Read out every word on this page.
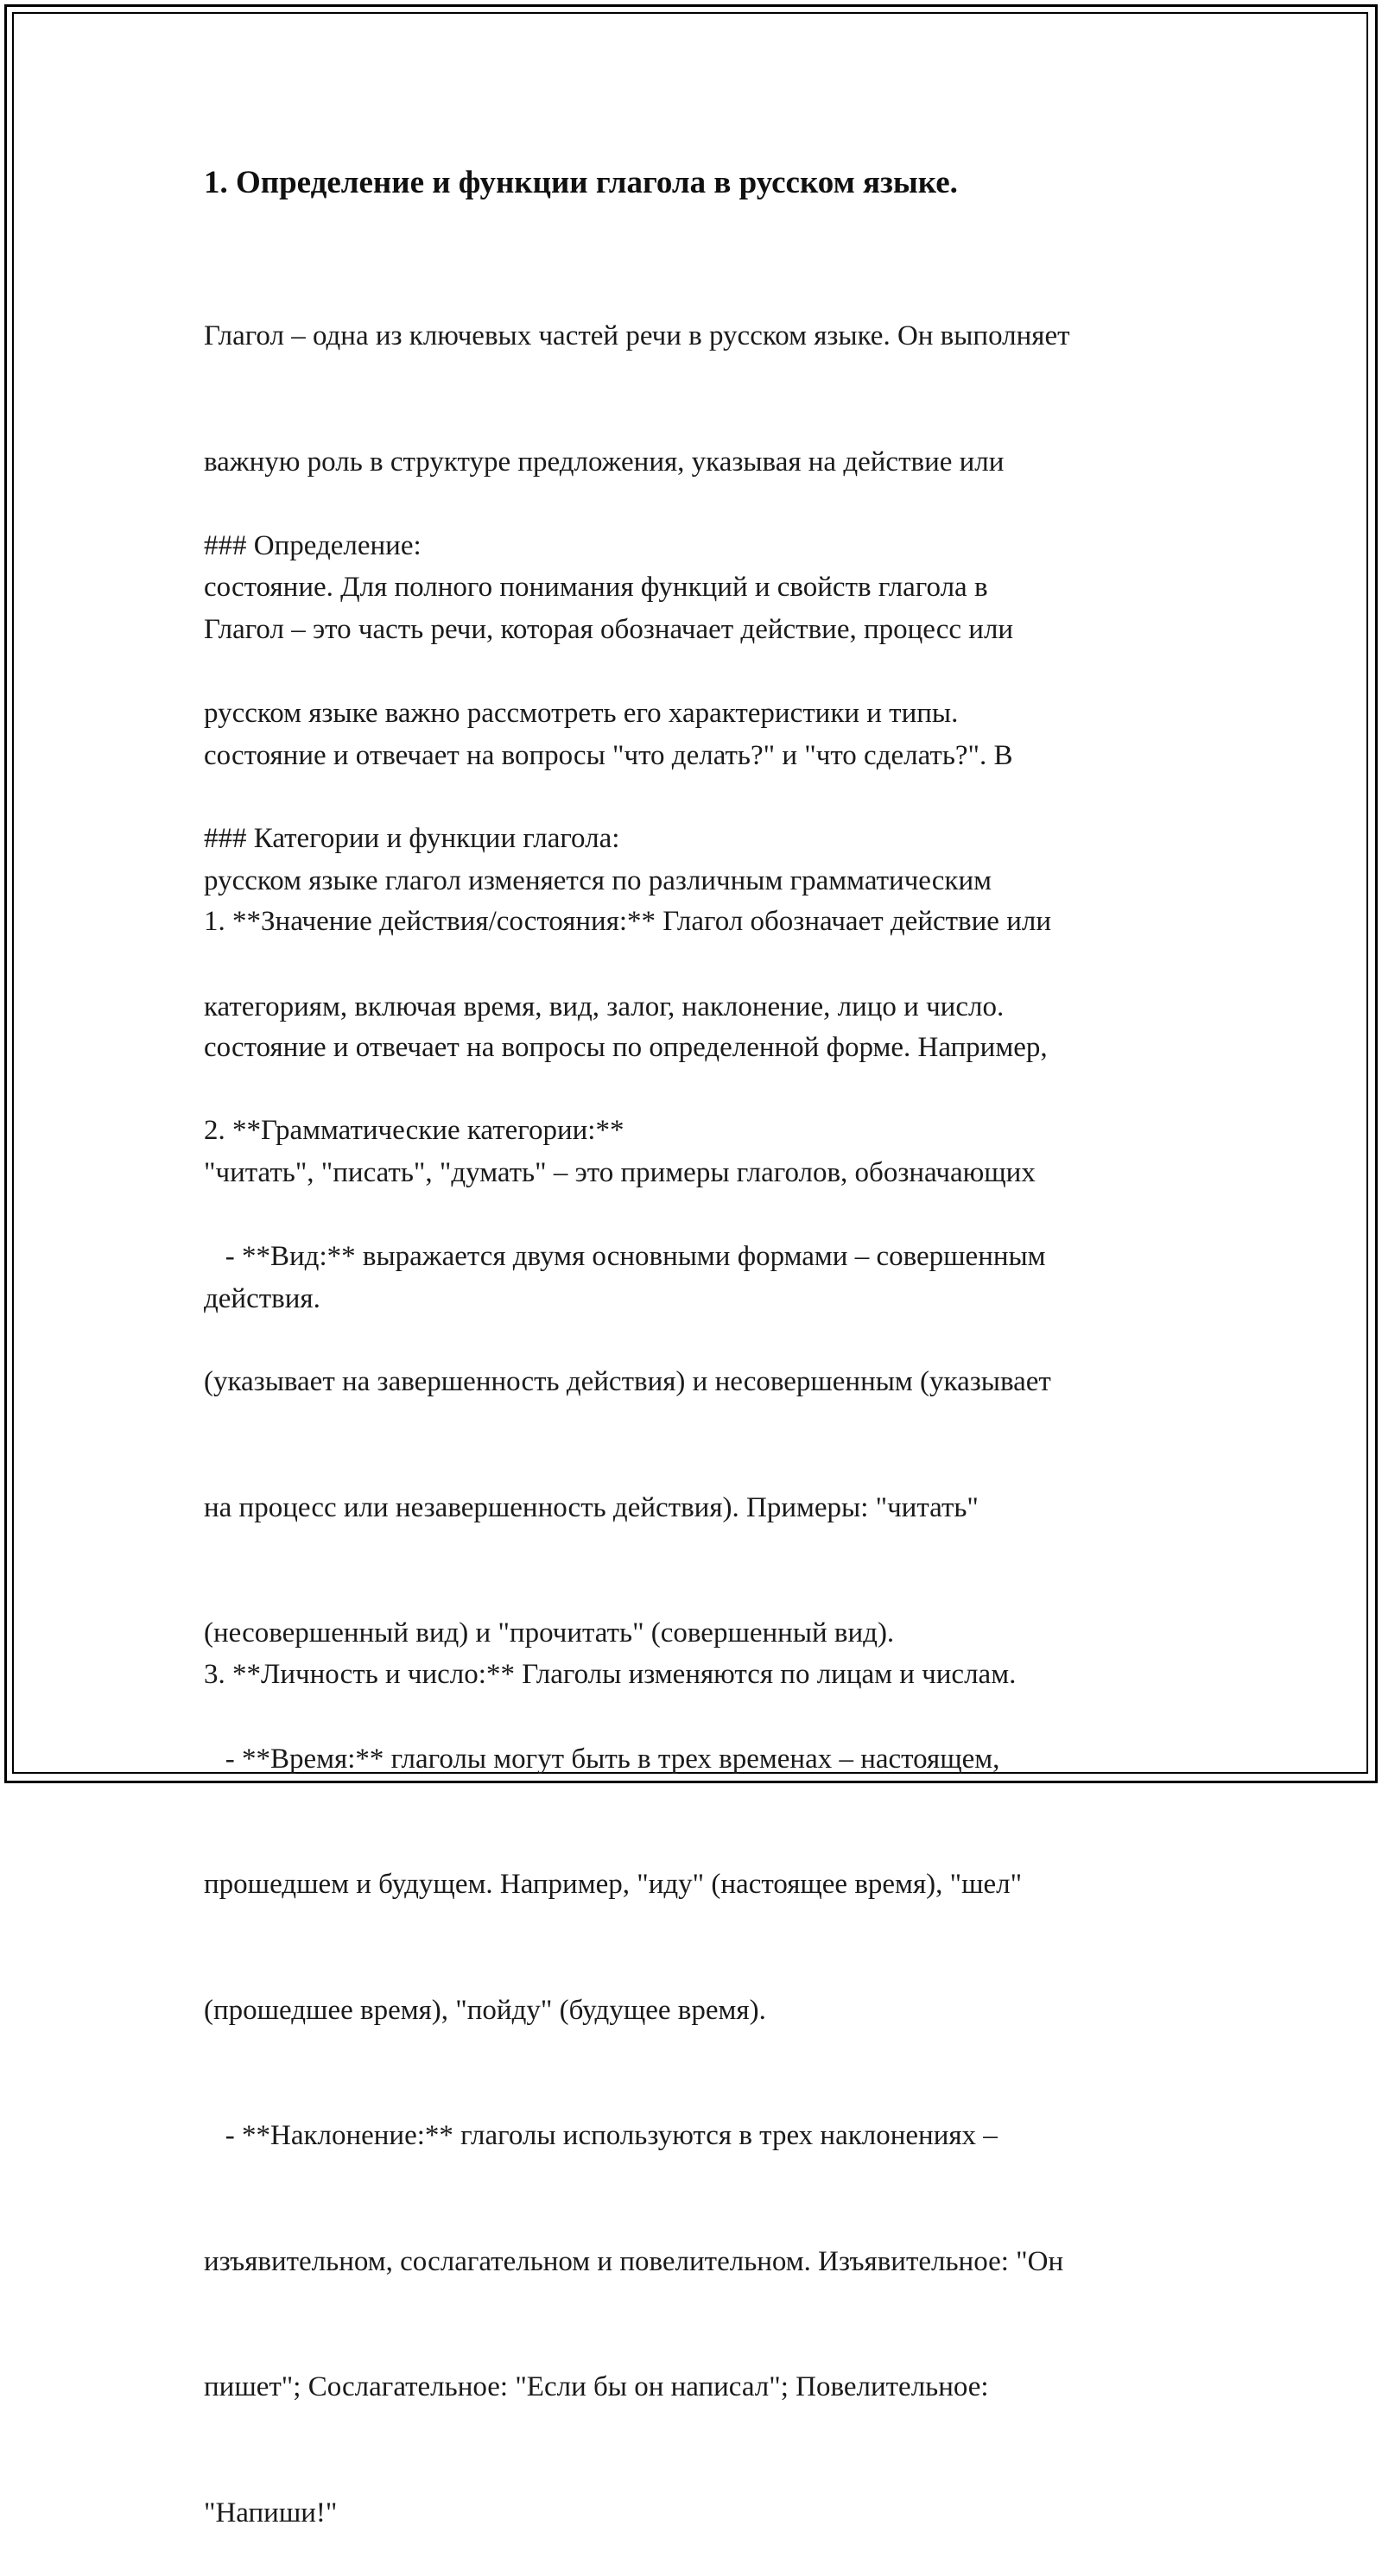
1. Определение и функции глагола в русском языке.

Глагол – одна из ключевых частей речи в русском языке. Он выполняет

важную роль в структуре предложения, указывая на действие или

состояние. Для полного понимания функций и свойств глагола в

русском языке важно рассмотреть его характеристики и типы.

### Определение:

Глагол – это часть речи, которая обозначает действие, процесс или

состояние и отвечает на вопросы "что делать?" и "что сделать?". В

русском языке глагол изменяется по различным грамматическим

категориям, включая время, вид, залог, наклонение, лицо и число.

### Категории и функции глагола:

1. **Значение действия/состояния:** Глагол обозначает действие или

состояние и отвечает на вопросы по определенной форме. Например,

"читать", "писать", "думать" – это примеры глаголов, обозначающих

действия.

2. **Грамматические категории:**

- **Вид:** выражается двумя основными формами – совершенным

(указывает на завершенность действия) и несовершенным (указывает

на процесс или незавершенность действия). Примеры: "читать"

(несовершенный вид) и "прочитать" (совершенный вид).

- **Время:** глаголы могут быть в трех временах – настоящем,

прошедшем и будущем. Например, "иду" (настоящее время), "шел"

(прошедшее время), "пойду" (будущее время).

- **Наклонение:** глаголы используются в трех наклонениях –

изъявительном, сослагательном и повелительном. Изъявительное: "Он

пишет"; Сослагательное: "Если бы он написал"; Повелительное:

"Напиши!"

3. **Личность и число:** Глаголы изменяются по лицам и числам.
